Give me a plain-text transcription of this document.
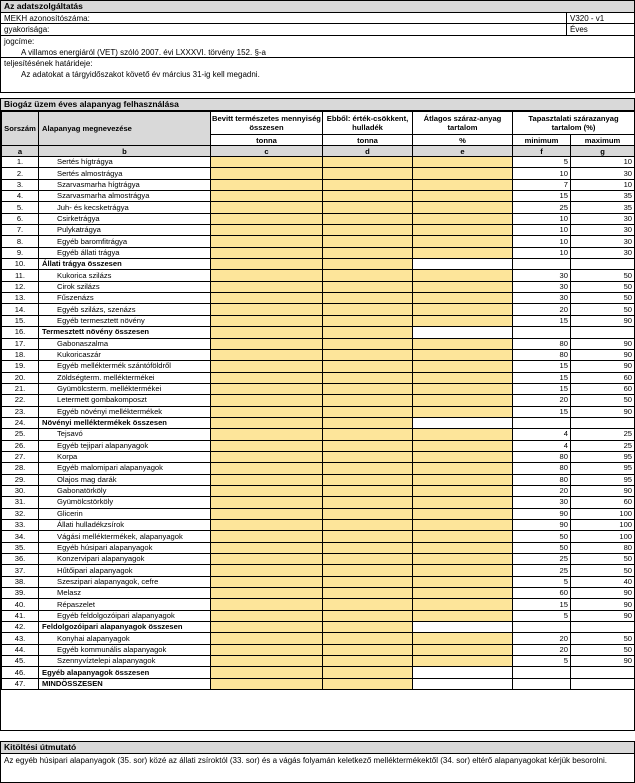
Az adatszolgáltatás
MEKH azonosítószáma:	V320 - v1
gyakorisága:	Éves
jogcíme:
A villamos energiáról (VET) szóló 2007. évi LXXXVI. törvény 152. §-a
teljesítésének határideje:
Az adatokat a tárgyidőszakot követő év március 31-ig kell megadni.
Biogáz üzem éves alapanyag felhasználása
Sorszám	Alapanyag megnevezése	Bevitt természetes mennyiség összesen	Ebből: érték-csökkent, hulladék	Átlagos száraz-anyag tartalom	Tapasztalati szárazanyag tartalom (%)	
		tonna	tonna	%	minimum	maximum
a	b	c	d	e	f	g
1.	Sertés hígtrágya				5	10
2.	Sertés almostrágya				10	30
3.	Szarvasmarha hígtrágya				7	10
4.	Szarvasmarha almostrágya				15	35
5.	Juh- és kecsketrágya				25	35
6.	Csirketrágya				10	30
7.	Pulykatrágya				10	30
8.	Egyéb baromfitrágya				10	30
9.	Egyéb állati trágya				10	30
10.	Állati trágya összesen					
11.	Kukorica szilázs				30	50
12.	Cirok szilázs				30	50
13.	Fűszenázs				30	50
14.	Egyéb szilázs, szenázs				20	50
15.	Egyéb termesztett növény				15	90
16.	Termesztett növény összesen					
17.	Gabonaszalma				80	90
18.	Kukoricaszár				80	90
19.	Egyéb melléktermék szántóföldről				15	90
20.	Zöldségterm. melléktermékei				15	60
21.	Gyümölcsterm. melléktermékei				15	60
22.	Letermett gombakomposzt				20	50
23.	Egyéb növényi melléktermékek				15	90
24.	Növényi melléktermékek összesen					
25.	Tejsavó				4	25
26.	Egyéb tejipari alapanyagok				4	25
27.	Korpa				80	95
28.	Egyéb malomipari alapanyagok				80	95
29.	Olajos mag darák				80	95
30.	Gabonatörköly				20	90
31.	Gyümölcstörköly				30	60
32.	Glicerin				90	100
33.	Állati hulladékzsírok				90	100
34.	Vágási melléktermékek, alapanyagok				50	100
35.	Egyéb húsipari alapanyagok				50	80
36.	Konzervipari alapanyagok				25	50
37.	Hűtőipari alapanyagok				25	50
38.	Szeszipari alapanyagok, cefre				5	40
39.	Melasz				60	90
40.	Répaszelet				15	90
41.	Egyéb feldolgozóipari alapanyagok				5	90
42.	Feldolgozóipari alapanyagok összesen					
43.	Konyhai alapanyagok				20	50
44.	Egyéb kommunális alapanyagok				20	50
45.	Szennyvíztelepi alapanyagok				5	90
46.	Egyéb alapanyagok összesen					
47.	MINDÖSSZESEN					
Kitöltési útmutató
Az egyéb húsipari alapanyagok (35. sor) közé az állati zsíroktól (33. sor) és a vágás folyamán keletkező melléktermékektől (34. sor) eltérő alapanyagokat kérjük besorolni.
